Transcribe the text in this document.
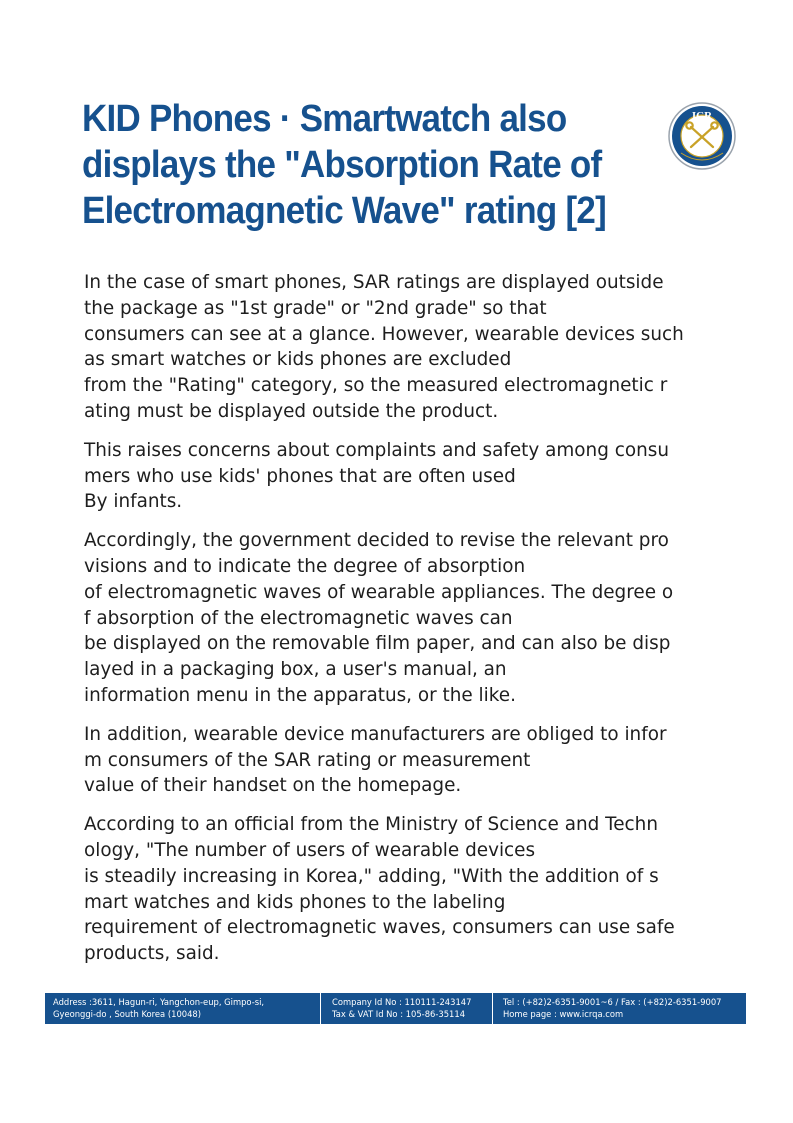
KID Phones · Smartwatch also
displays the "Absorption Rate of
Electromagnetic Wave" rating [2]
ICR

In the case of smart phones, SAR ratings are displayed outside
the package as "1st grade" or "2nd grade" so that
consumers can see at a glance. However, wearable devices such
as smart watches or kids phones are excluded
from the "Rating" category, so the measured electromagnetic r
ating must be displayed outside the product.

This raises concerns about complaints and safety among consu
mers who use kids' phones that are often used
By infants.

Accordingly, the government decided to revise the relevant pro
visions and to indicate the degree of absorption
of electromagnetic waves of wearable appliances. The degree o
f absorption of the electromagnetic waves can
be displayed on the removable film paper, and can also be disp
layed in a packaging box, a user's manual, an
information menu in the apparatus, or the like.

In addition, wearable device manufacturers are obliged to infor
m consumers of the SAR rating or measurement
value of their handset on the homepage.

According to an official from the Ministry of Science and Techn
ology, "The number of users of wearable devices
is steadily increasing in Korea," adding, "With the addition of s
mart watches and kids phones to the labeling
requirement of electromagnetic waves, consumers can use safe
products, said.

Address :3611, Hagun-ri, Yangchon-eup, Gimpo-si,
Gyeonggi-do , South Korea (10048)
Company Id No : 110111-243147
Tax & VAT Id No : 105-86-35114
Tel : (+82)2-6351-9001~6 / Fax : (+82)2-6351-9007
Home page : www.icrqa.com
